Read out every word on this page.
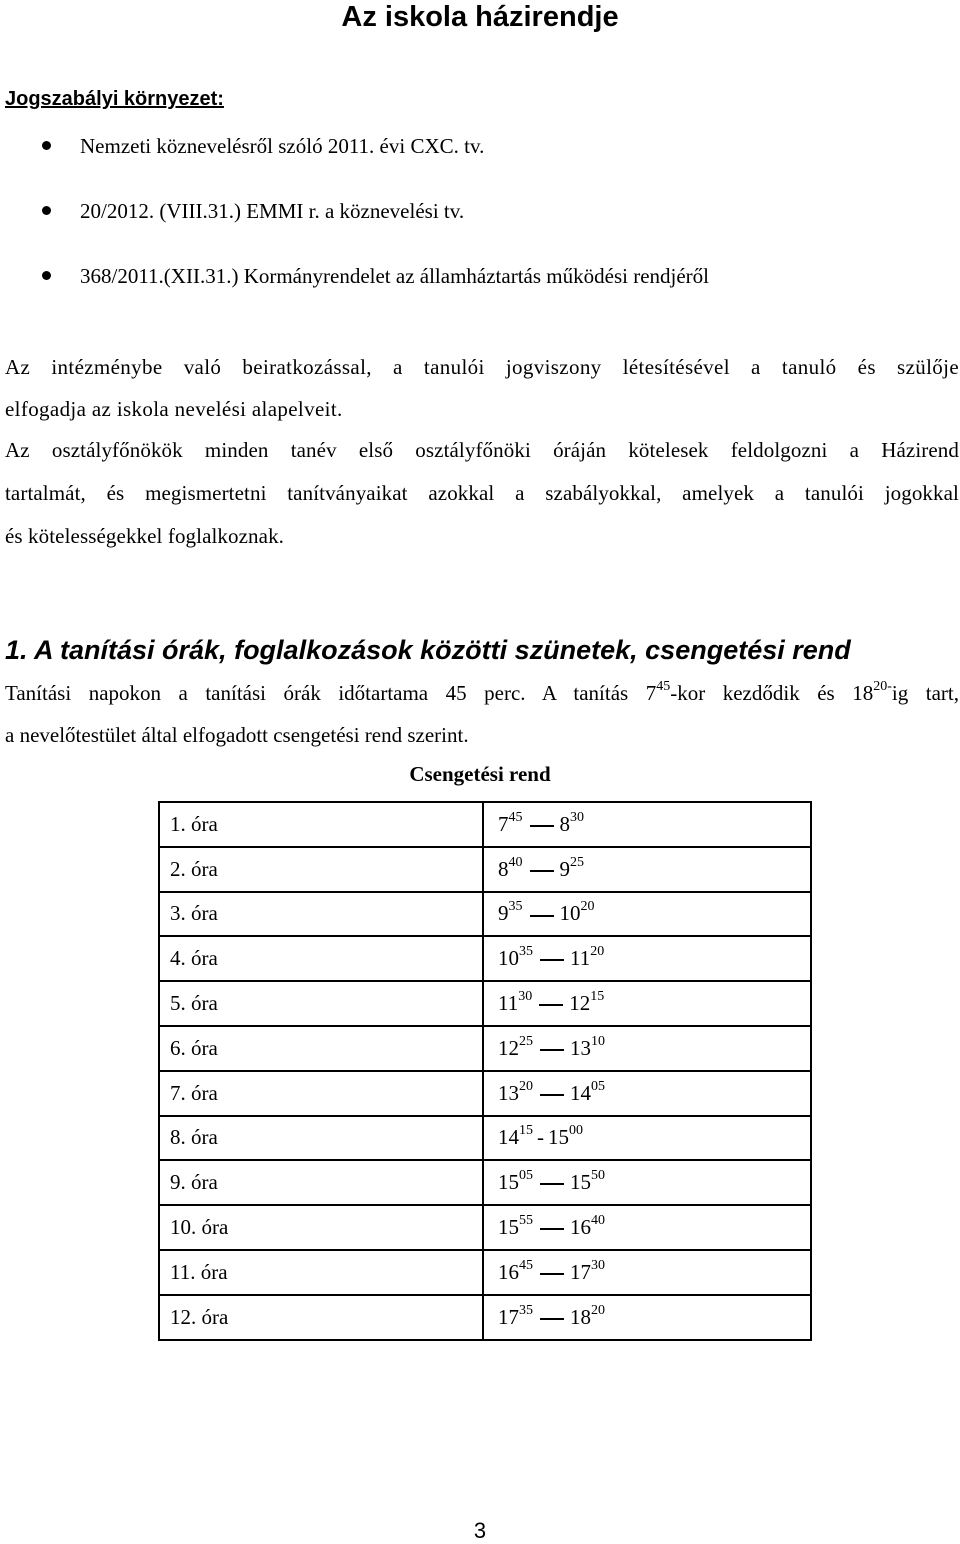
Az iskola házirendje
Jogszabályi környezet:
Nemzeti köznevelésről szóló 2011. évi CXC. tv.
20/2012. (VIII.31.) EMMI r. a köznevelési tv.
368/2011.(XII.31.) Kormányrendelet az államháztartás működési rendjéről
Az intézménybe való beiratkozással, a tanulói jogviszony létesítésével a tanuló és szülője
elfogadja az iskola nevelési alapelveit.
Az osztályfőnökök minden tanév első osztályfőnöki óráján kötelesek feldolgozni a Házirend
tartalmát, és megismertetni tanítványaikat azokkal a szabályokkal, amelyek a tanulói jogokkal
és kötelességekkel foglalkoznak.
1. A tanítási órák, foglalkozások közötti szünetek, csengetési rend
Tanítási napokon a tanítási órák időtartama 45 perc. A tanítás $7^{45}$-kor kezdődik és $18^{20-}ig$ tart,
a nevelőtestület által elfogadott csengetési rend szerint.
Csengetési rend
1. óra	$7^{45}$ $8^{30}$
2. óra	$8^{40}$ $9^{25}$
3. óra	$9^{35}$ $10^{20}$
4. óra	$10^{35}$ $11^{20}$
5. óra	$11^{30}$ $12^{15}$
6. óra	$12^{25}$ $13^{10}$
7. óra	$13^{20}$ $14^{05}$
8. óra	$14^{15} - 15^{00}$
9. óra	$15^{05}$ $15^{50}$
10. óra	$15^{55}$ $16^{40}$
11. óra	$16^{45}$ $17^{30}$
12. óra	$17^{35}$ $18^{20}$
3
